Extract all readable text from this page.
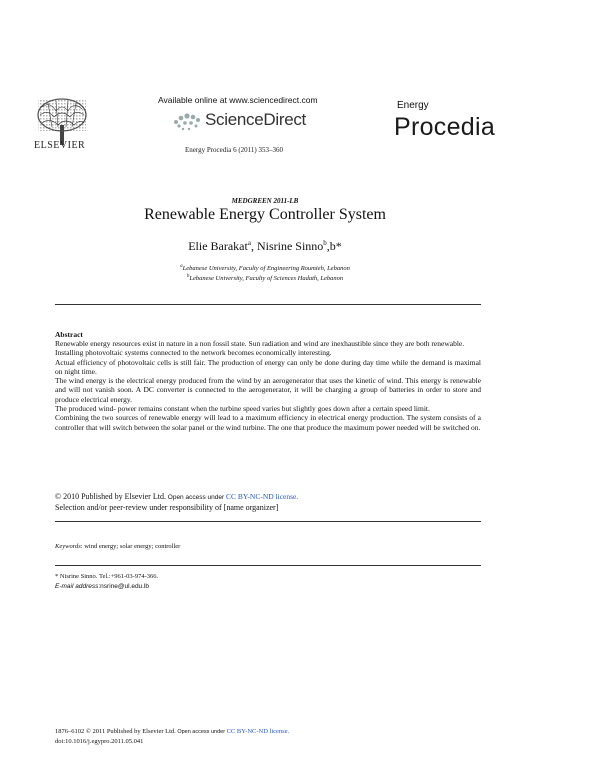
ELSEVIER
Available online at www.sciencedirect.com
ScienceDirect
Energy Procedia 6 (2011) 353–360
Energy
Procedia
MEDGREEN 2011-LB
Renewable Energy Controller System
Elie Barakat$^a$, Nisrine Sinno$^b$,b*
$^a$Lebanese University, Faculty of Engineering Roumieh, Lebanon
$^b$Lebanese University, Faculty of Sciences Hadath, Lebanon
Abstract

Renewable energy resources exist in nature in a non fossil state. Sun radiation and wind are inexhaustible since they are both renewable.

Installing photovoltaic systems connected to the network becomes economically interesting.

Actual efficiency of photovoltaic cells is still fair. The production of energy can only be done during day time while the demand is maximal on night time.

The wind energy is the electrical energy produced from the wind by an aerogenerator that uses the kinetic of wind. This energy is renewable and will not vanish soon. A DC converter is connected to the aerogenerator, it will be charging a group of batteries in order to store and produce electrical energy.

The produced wind- power remains constant when the turbine speed varies but slightly goes down after a certain speed limit.

Combining the two sources of renewable energy will lead to a maximum efficiency in electrical energy production. The system consists of a controller that will switch between the solar panel or the wind turbine. The one that produce the maximum power needed will be switched on.

© 2010 Published by Elsevier Ltd. Open access under CC BY-NC-ND license.
Selection and/or peer-review under responsibility of [name organizer]
Keywords: wind energy; solar energy; controller
* Nisrine Sinno. Tel.:+961-03-974-366.
E-mail address:nsrine@ul.edu.lb
1876–6102 © 2011 Published by Elsevier Ltd. Open access under CC BY-NC-ND license.
doi:10.1016/j.egypro.2011.05.041
